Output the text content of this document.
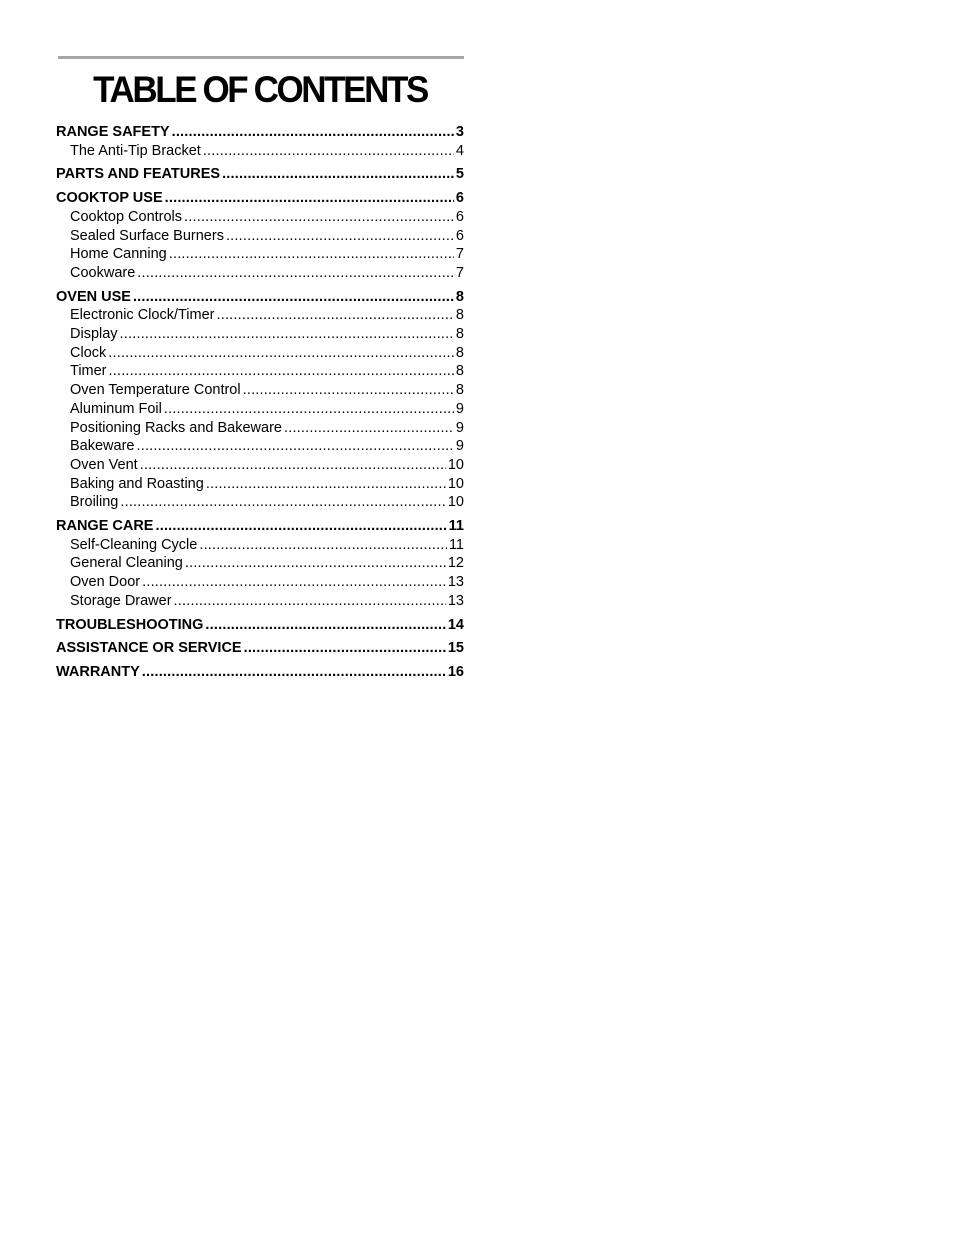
TABLE OF CONTENTS
RANGE SAFETY .....	3
The Anti-Tip Bracket .....	4
PARTS AND FEATURES .....	5
COOKTOP USE .....	6
Cooktop Controls .....	6
Sealed Surface Burners .....	6
Home Canning .....	7
Cookware .....	7
OVEN USE .....	8
Electronic Clock/Timer .....	8
Display .....	8
Clock .....	8
Timer .....	8
Oven Temperature Control .....	8
Aluminum Foil .....	9
Positioning Racks and Bakeware .....	9
Bakeware .....	9
Oven Vent .....	10
Baking and Roasting .....	10
Broiling .....	10
RANGE CARE .....	11
Self-Cleaning Cycle .....	11
General Cleaning .....	12
Oven Door .....	13
Storage Drawer .....	13
TROUBLESHOOTING .....	14
ASSISTANCE OR SERVICE .....	15
WARRANTY .....	16
